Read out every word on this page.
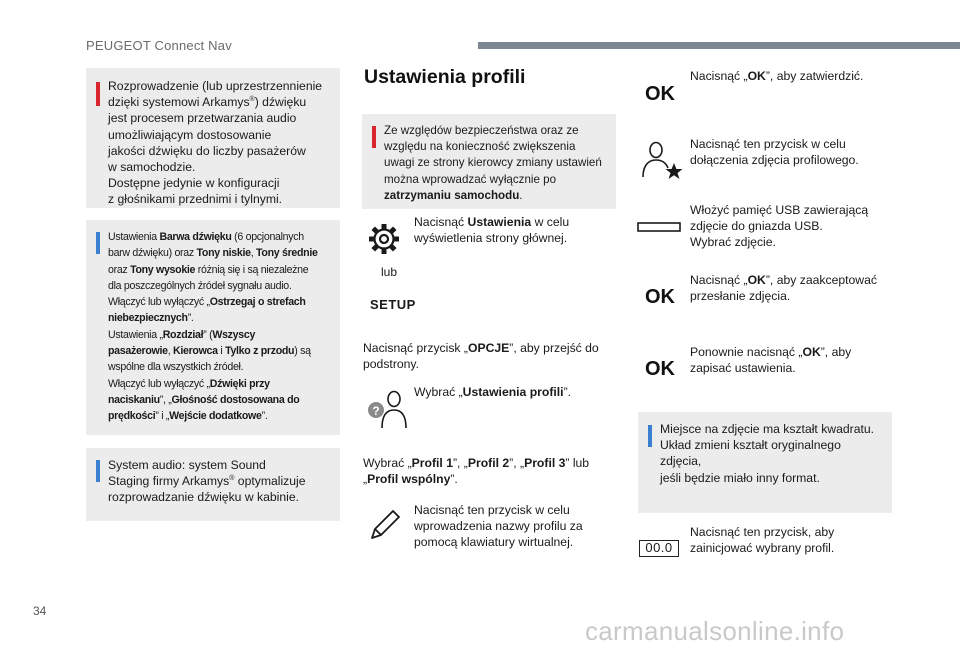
PEUGEOT Connect Nav
Rozprowadzenie (lub uprzestrzennienie
dzięki systemowi Arkamys®) dźwięku
jest procesem przetwarzania audio
umożliwiającym dostosowanie
jakości dźwięku do liczby pasażerów
w samochodzie.
Dostępne jedynie w konfiguracji
z głośnikami przednimi i tylnymi.
Ustawienia Barwa dźwięku (6 opcjonalnych
barw dźwięku) oraz Tony niskie, Tony średnie
oraz Tony wysokie różnią się i są niezależne
dla poszczególnych źródeł sygnału audio.
Włączyć lub wyłączyć „Ostrzegaj o strefach
niebezpiecznych”.
Ustawienia „Rozdział” (Wszyscy
pasażerowie, Kierowca i Tylko z przodu) są
wspólne dla wszystkich źródeł.
Włączyć lub wyłączyć „Dźwięki przy
naciskaniu”, „Głośność dostosowana do
prędkości” i „Wejście dodatkowe”.
System audio: system Sound
Staging firmy Arkamys® optymalizuje
rozprowadzanie dźwięku w kabinie.
Ustawienia profili
Ze względów bezpieczeństwa oraz ze
względu na konieczność zwiększenia
uwagi ze strony kierowcy zmiany ustawień
można wprowadzać wyłącznie po
zatrzymaniu samochodu.
Nacisnąć Ustawienia w celu
wyświetlenia strony głównej.
lub
SETUP
Nacisnąć przycisk „OPCJE”, aby przejść do
podstrony.
?
Wybrać „Ustawienia profili”.
Wybrać „Profil 1”, „Profil 2”, „Profil 3” lub
„Profil wspólny”.
Nacisnąć ten przycisk w celu
wprowadzenia nazwy profilu za
pomocą klawiatury wirtualnej.
OK
Nacisnąć „OK”, aby zatwierdzić.
Nacisnąć ten przycisk w celu
dołączenia zdjęcia profilowego.
Włożyć pamięć USB zawierającą
zdjęcie do gniazda USB.
Wybrać zdjęcie.
OK
Nacisnąć „OK”, aby zaakceptować
przesłanie zdjęcia.
OK
Ponownie nacisnąć „OK”, aby
zapisać ustawienia.
Miejsce na zdjęcie ma kształt kwadratu.
Układ zmieni kształt oryginalnego zdjęcia,
jeśli będzie miało inny format.
00.0
Nacisnąć ten przycisk, aby
zainicjować wybrany profil.
34
carmanualsonline.info
